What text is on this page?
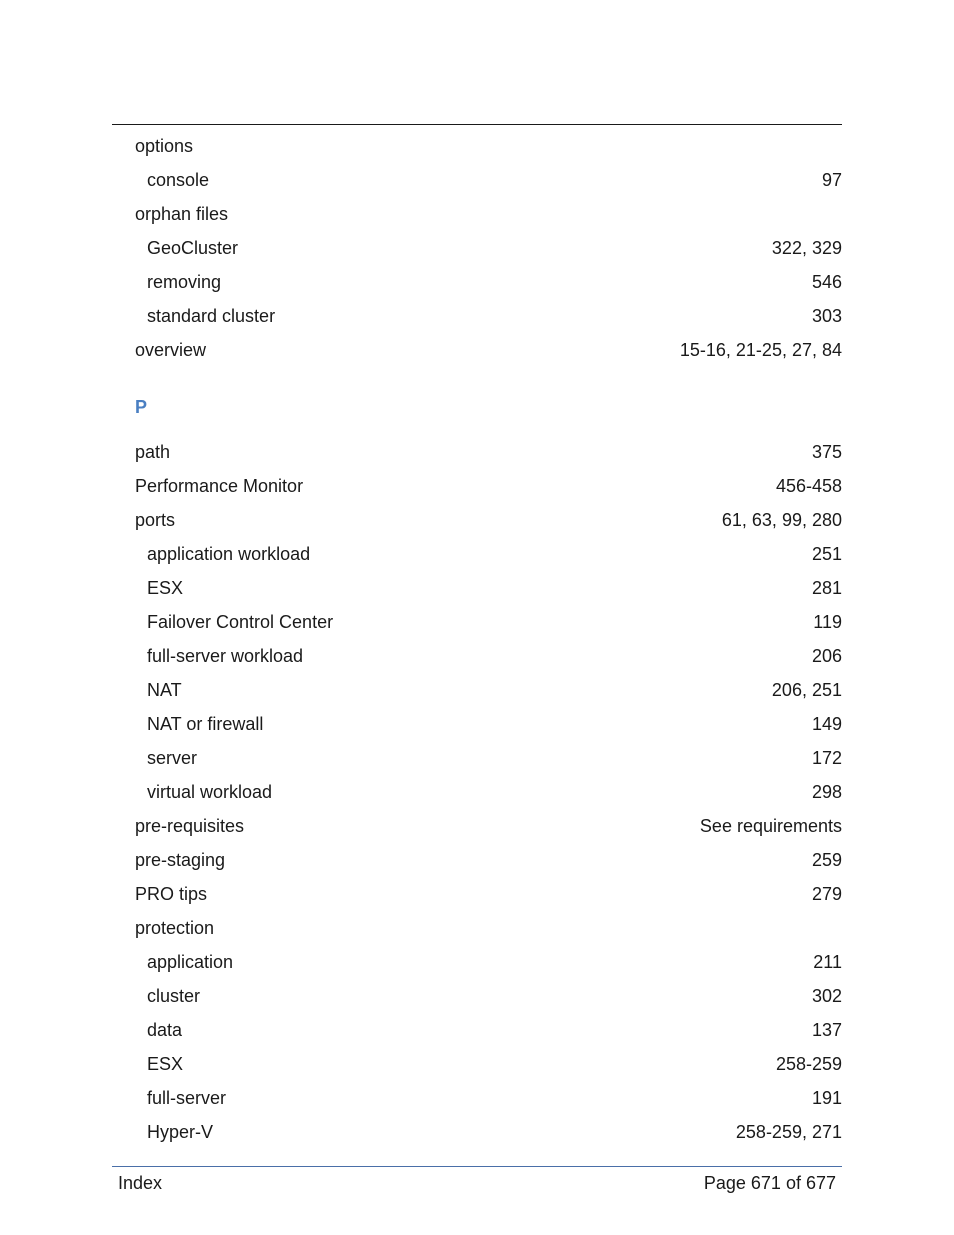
options
console	97
orphan files
GeoCluster	322, 329
removing	546
standard cluster	303
overview	15-16, 21-25, 27, 84
P
path	375
Performance Monitor	456-458
ports	61, 63, 99, 280
application workload	251
ESX	281
Failover Control Center	119
full-server workload	206
NAT	206, 251
NAT or firewall	149
server	172
virtual workload	298
pre-requisites	See requirements
pre-staging	259
PRO tips	279
protection
application	211
cluster	302
data	137
ESX	258-259
full-server	191
Hyper-V	258-259, 271
Index	Page 671 of 677
